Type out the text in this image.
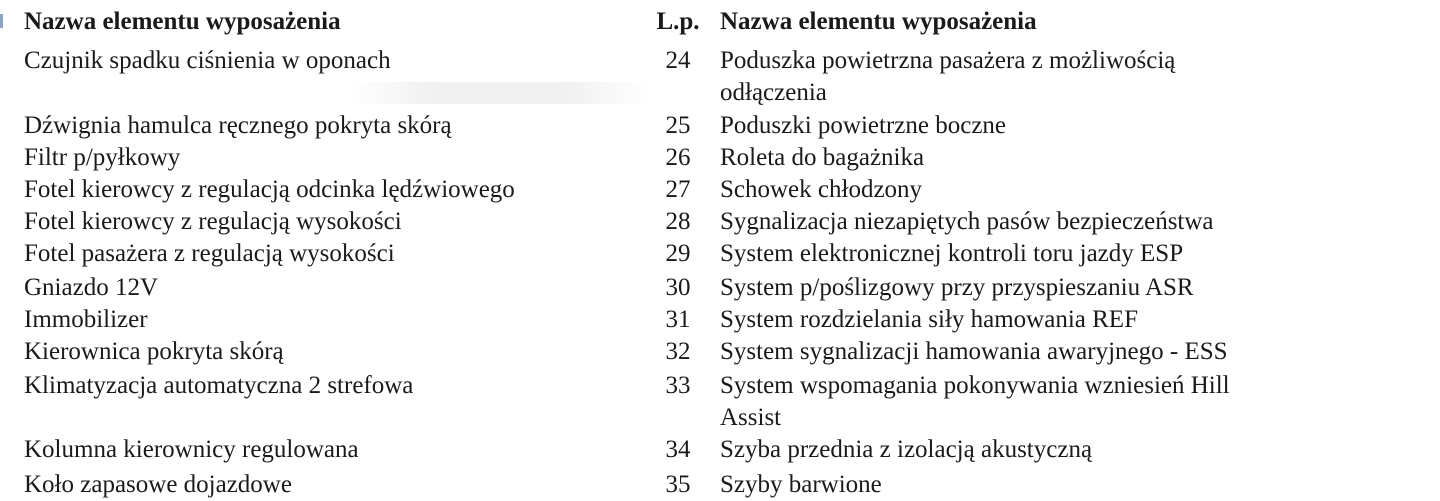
Nazwa elementu wyposażenia	L.p. Nazwa elementu wyposażenia
Czujnik spadku ciśnienia w oponach	24	Poduszka powietrzna pasażera z możliwością
odłączenia
Dźwignia hamulca ręcznego pokryta skórą	25	Poduszki powietrzne boczne
Filtr p/pyłkowy	26	Roleta do bagażnika
Fotel kierowcy z regulacją odcinka lędźwiowego	27	Schowek chłodzony
Fotel kierowcy z regulacją wysokości	28	Sygnalizacja niezapiętych pasów bezpieczeństwa
Fotel pasażera z regulacją wysokości	29	System elektronicznej kontroli toru jazdy ESP
Gniazdo 12V	30	System p/poślizgowy przy przyspieszaniu ASR
Immobilizer	31	System rozdzielania siły hamowania REF
Kierownica pokryta skórą	32	System sygnalizacji hamowania awaryjnego - ESS
Klimatyzacja automatyczna 2 strefowa	33	System wspomagania pokonywania wzniesień Hill
Assist
Kolumna kierownicy regulowana	34	Szyba przednia z izolacją akustyczną
Koło zapasowe dojazdowe	35	Szyby barwione
